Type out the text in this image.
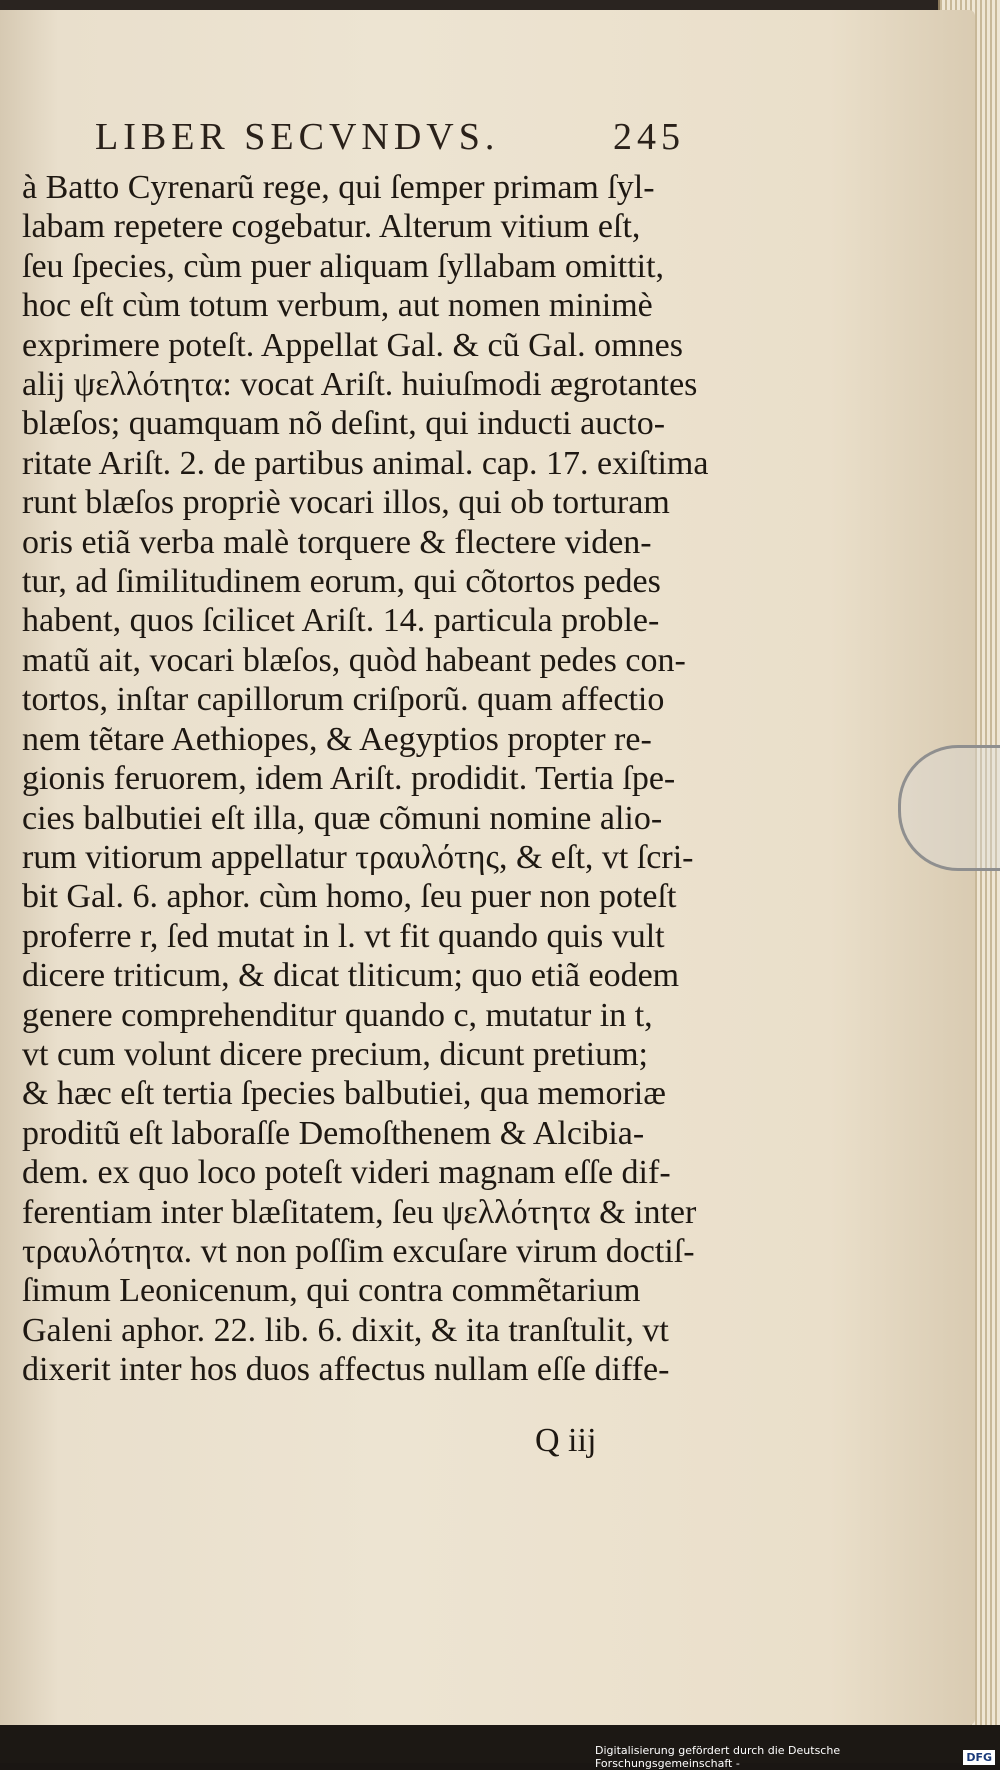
LIBER SECVNDVS.	245
à Batto Cyrenarũ rege, qui ſemper primam ſyl-
labam repetere cogebatur. Alterum vitium eſt,
ſeu ſpecies, cùm puer aliquam ſyllabam omittit,
hoc eſt cùm totum verbum, aut nomen minimè
exprimere poteſt. Appellat Gal. & cũ Gal. omnes
alij ψελλότητα: vocat Ariſt. huiuſmodi ægrotantes
blæſos; quamquam nõ deſint, qui inducti aucto-
ritate Ariſt. 2. de partibus animal. cap. 17. exiſtima
runt blæſos propriè vocari illos, qui ob torturam
oris etiã verba malè torquere & flectere viden-
tur, ad ſimilitudinem eorum, qui cõtortos pedes
habent, quos ſcilicet Ariſt. 14. particula proble-
matũ ait, vocari blæſos, quòd habeant pedes con-
tortos, inſtar capillorum criſporũ. quam affectio
nem tẽtare Aethiopes, & Aegyptios propter re-
gionis feruorem, idem Ariſt. prodidit. Tertia ſpe-
cies balbutiei eſt illa, quæ cõmuni nomine alio-
rum vitiorum appellatur τραυλότης, & eſt, vt ſcri-
bit Gal. 6. aphor. cùm homo, ſeu puer non poteſt
proferre r, ſed mutat in l. vt fit quando quis vult
dicere triticum, & dicat tliticum; quo etiã eodem
genere comprehenditur quando c, mutatur in t,
vt cum volunt dicere precium, dicunt pretium;
& hæc eſt tertia ſpecies balbutiei, qua memoriæ
proditũ eſt laboraſſe Demoſthenem & Alcibia-
dem. ex quo loco poteſt videri magnam eſſe dif-
ferentiam inter blæſitatem, ſeu ψελλότητα & inter
τραυλότητα. vt non poſſim excuſare virum doctiſ-
ſimum Leonicenum, qui contra commẽtarium
Galeni aphor. 22. lib. 6. dixit, & ita tranſtulit, vt
dixerit inter hos duos affectus nullam eſſe diffe-
Q iij
Digitalisierung gefördert durch die Deutsche Forschungsgemeinschaft -	DFG
